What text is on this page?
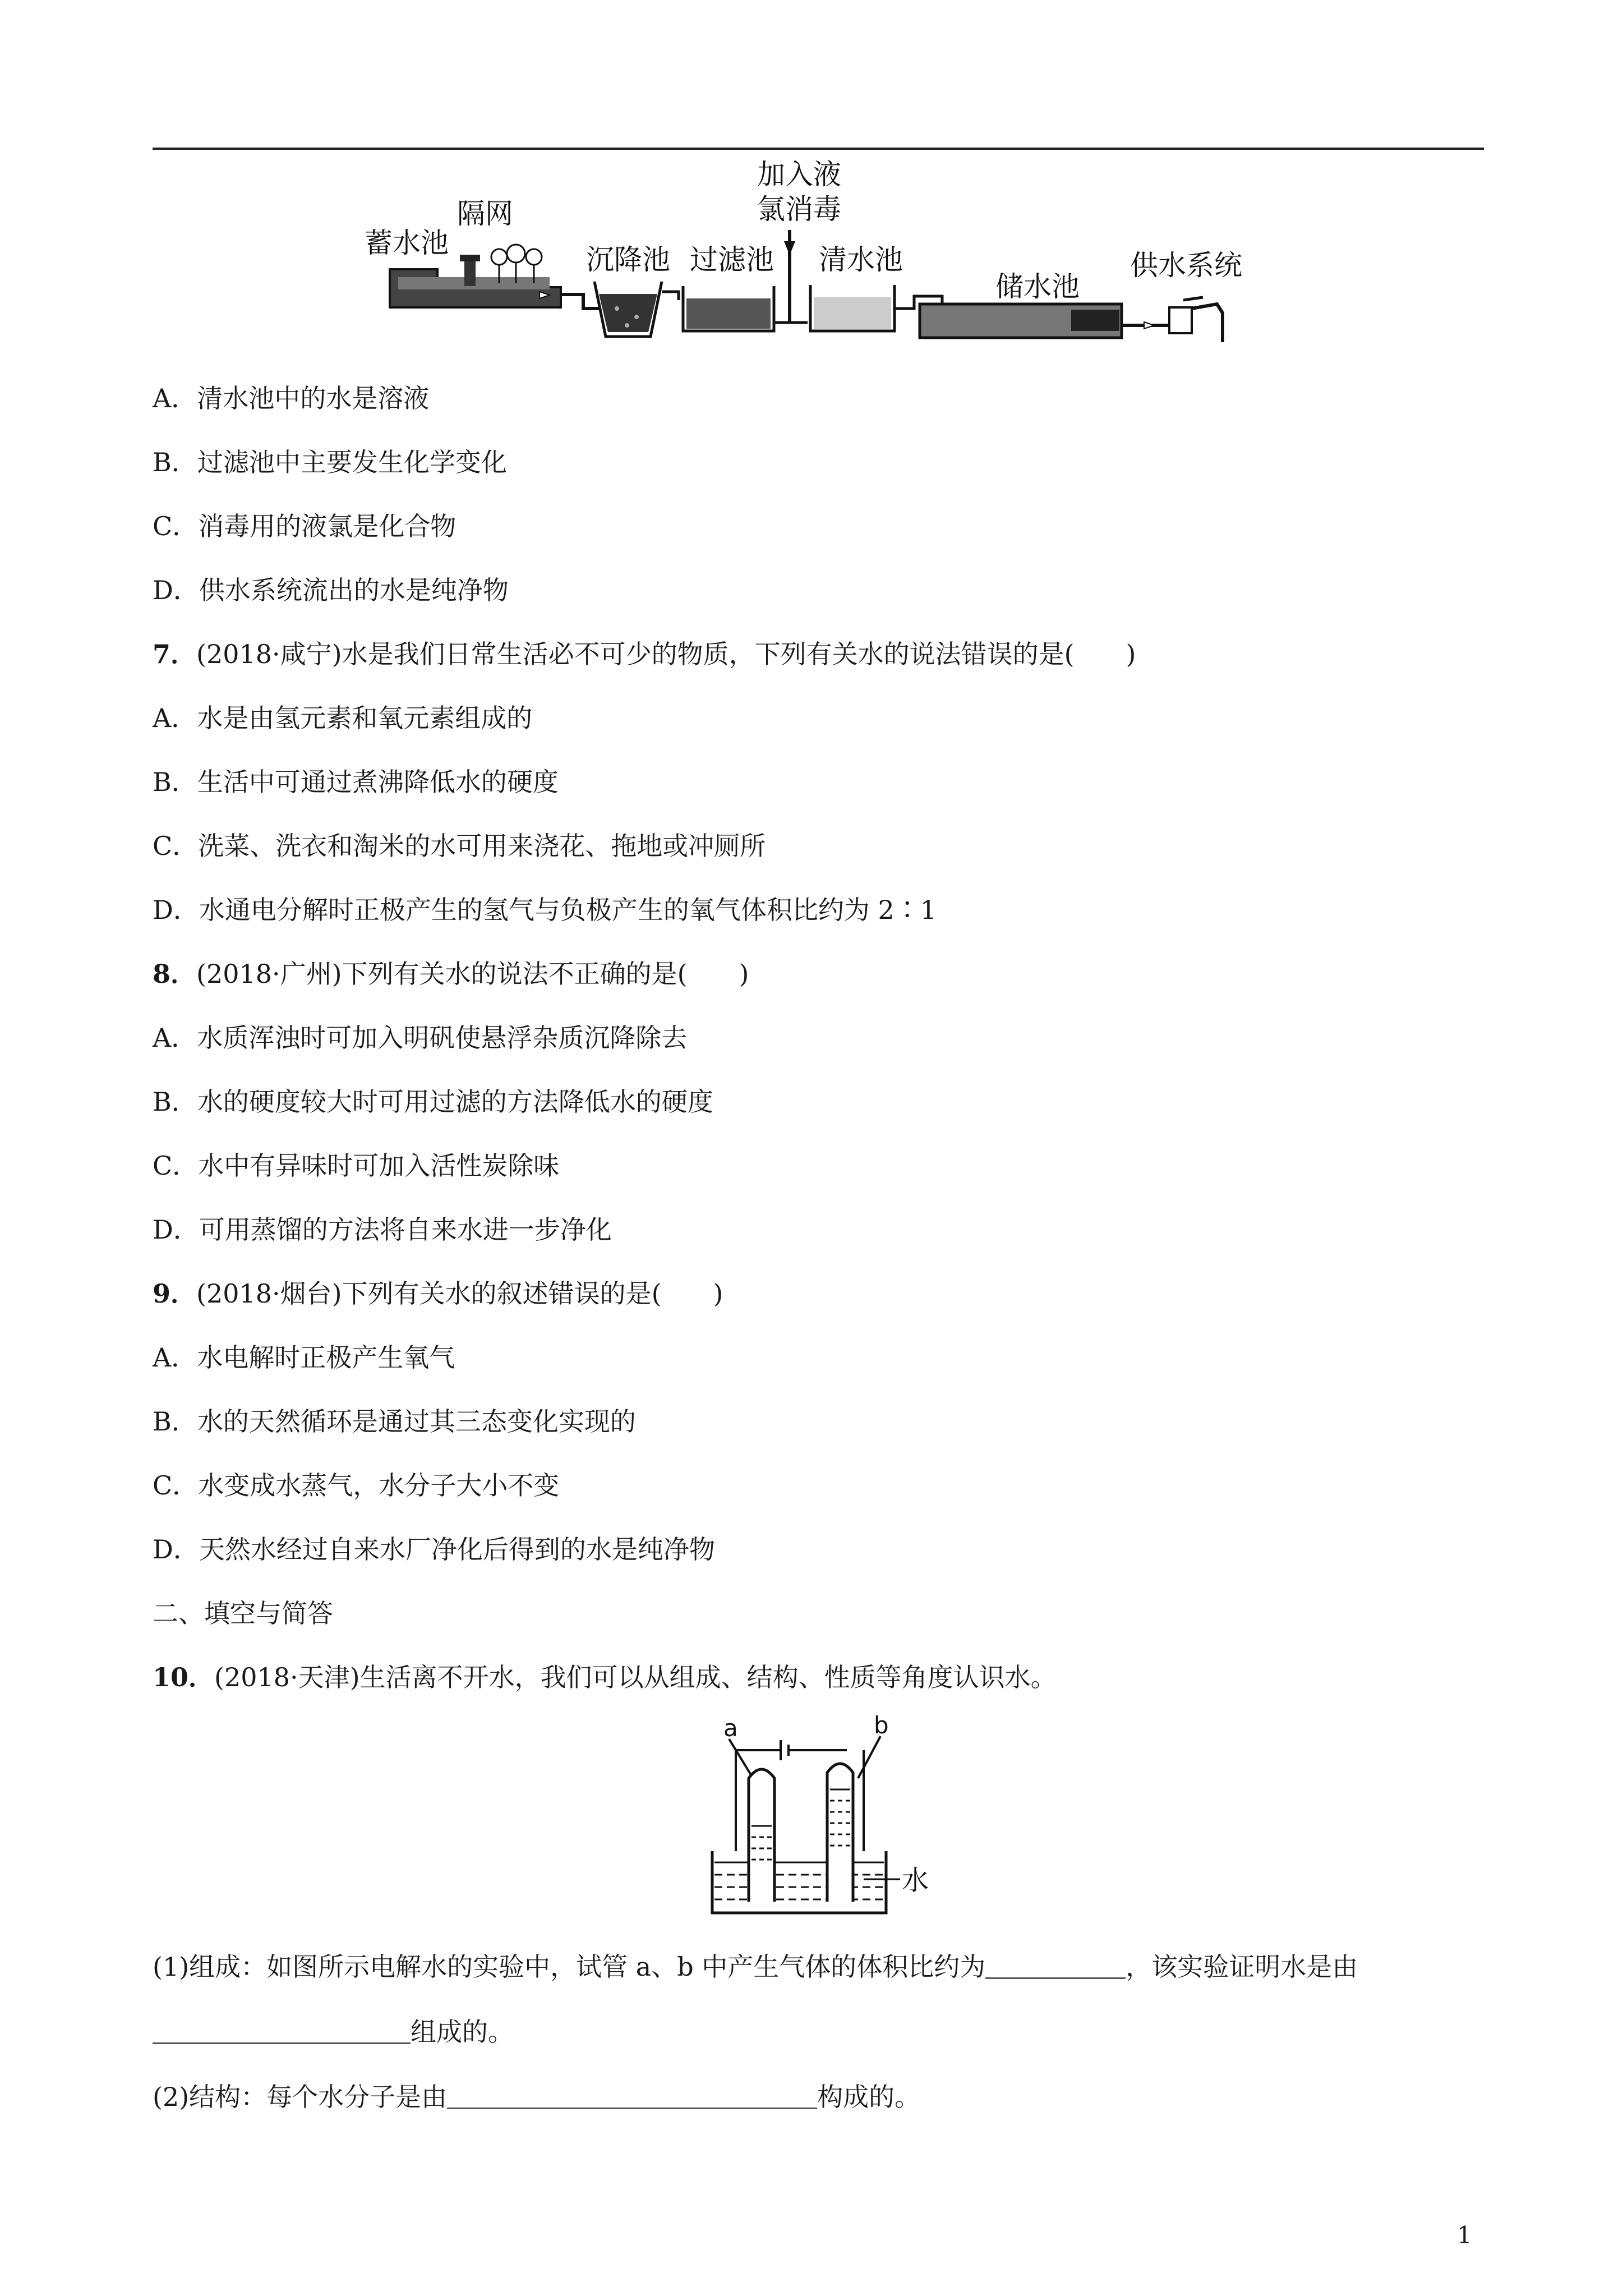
蓄水池
隔网
沉降池 过滤池
加入液
氯消毒
清水池
储水池
供水系统
A．清水池中的水是溶液
B．过滤池中主要发生化学变化
C．消毒用的液氯是化合物
D．供水系统流出的水是纯净物
7．(2018·咸宁)水是我们日常生活必不可少的物质，下列有关水的说法错误的是(　　)
A．水是由氢元素和氧元素组成的
B．生活中可通过煮沸降低水的硬度
C．洗菜、洗衣和淘米的水可用来浇花、拖地或冲厕所
D．水通电分解时正极产生的氢气与负极产生的氧气体积比约为 2∶1
8．(2018·广州)下列有关水的说法不正确的是(　　)
A．水质浑浊时可加入明矾使悬浮杂质沉降除去
B．水的硬度较大时可用过滤的方法降低水的硬度
C．水中有异味时可加入活性炭除味
D．可用蒸馏的方法将自来水进一步净化
9．(2018·烟台)下列有关水的叙述错误的是(　　)
A．水电解时正极产生氧气
B．水的天然循环是通过其三态变化实现的
C．水变成水蒸气，水分子大小不变
D．天然水经过自来水厂净化后得到的水是纯净物
二、填空与简答
10．(2018·天津)生活离不开水，我们可以从组成、结构、性质等角度认识水。
a	b
水
(1)组成：如图所示电解水的实验中，试管 a、b 中产生气体的体积比约为	，该实验证明水是由
组成的。
(2)结构：每个水分子是由	构成的。
1
